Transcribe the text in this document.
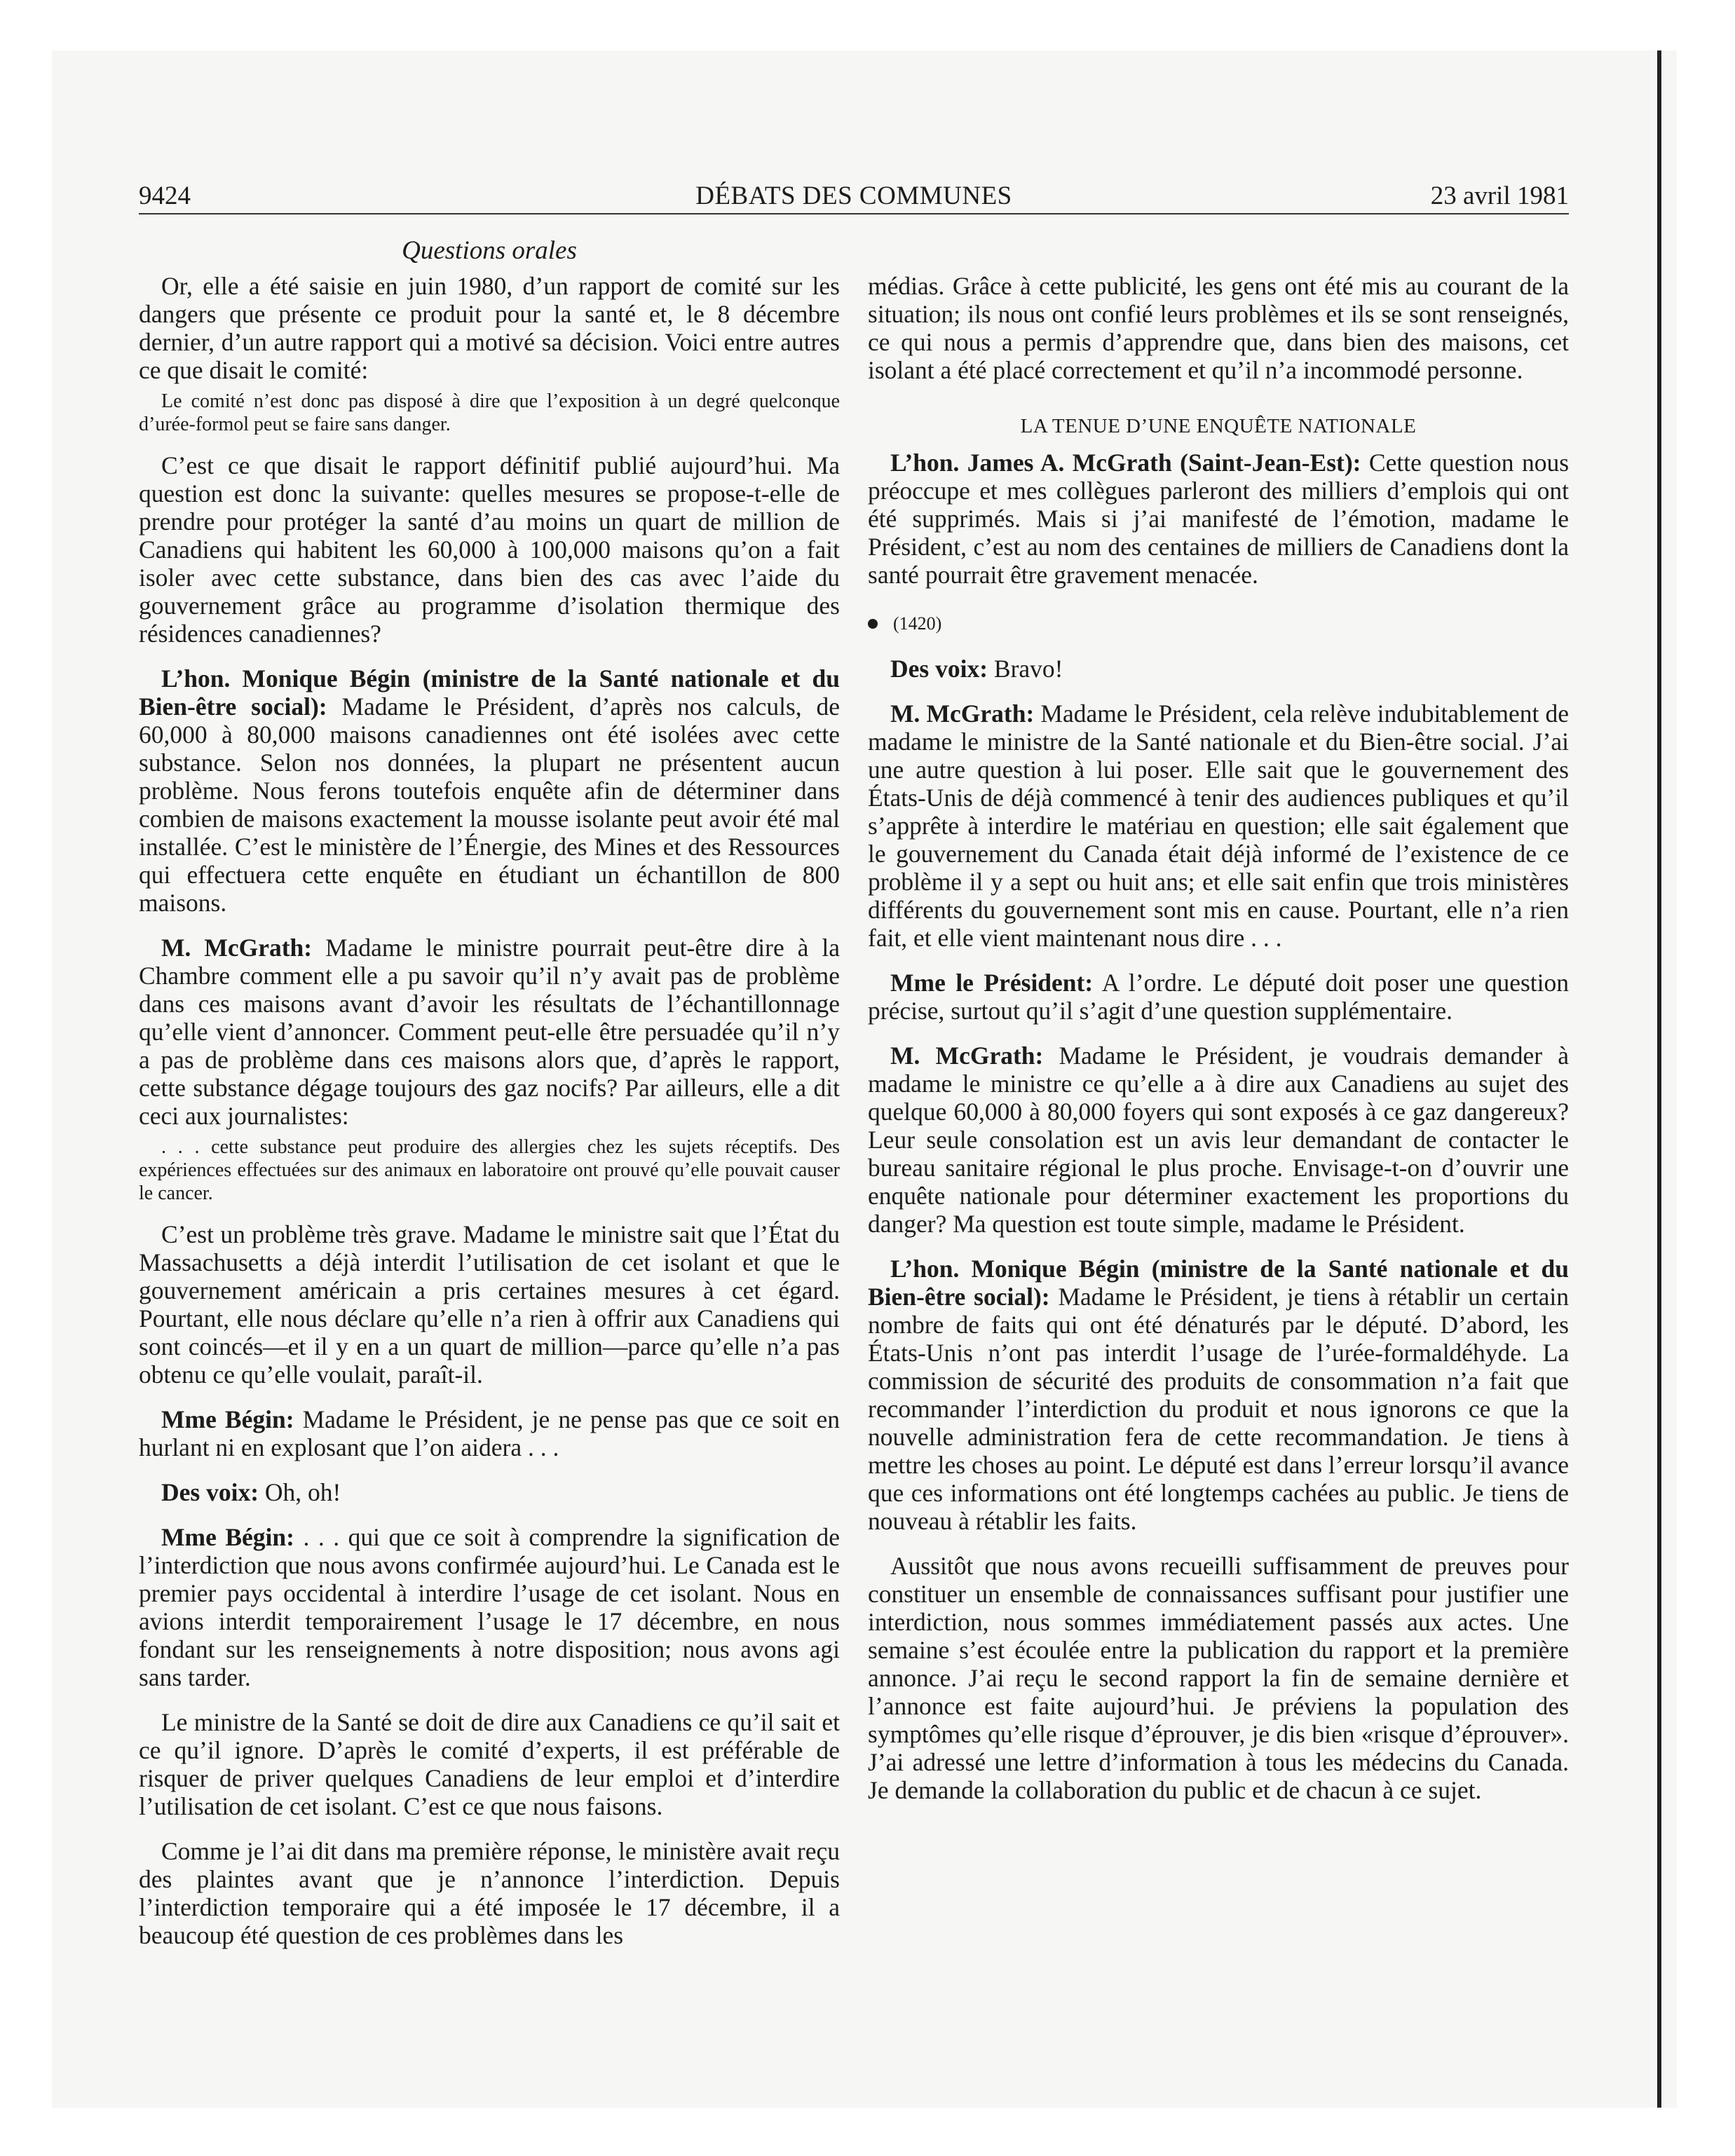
9424	DÉBATS DES COMMUNES	23 avril 1981
Questions orales

Or, elle a été saisie en juin 1980, d’un rapport de comité sur les dangers que présente ce produit pour la santé et, le 8 décembre dernier, d’un autre rapport qui a motivé sa décision. Voici entre autres ce que disait le comité:

Le comité n’est donc pas disposé à dire que l’exposition à un degré quelconque d’urée-formol peut se faire sans danger.

C’est ce que disait le rapport définitif publié aujourd’hui. Ma question est donc la suivante: quelles mesures se propose-t-elle de prendre pour protéger la santé d’au moins un quart de million de Canadiens qui habitent les 60,000 à 100,000 maisons qu’on a fait isoler avec cette substance, dans bien des cas avec l’aide du gouvernement grâce au programme d’isolation thermique des résidences canadiennes?

L’hon. Monique Bégin (ministre de la Santé nationale et du Bien-être social): Madame le Président, d’après nos calculs, de 60,000 à 80,000 maisons canadiennes ont été isolées avec cette substance. Selon nos données, la plupart ne présentent aucun problème. Nous ferons toutefois enquête afin de déterminer dans combien de maisons exactement la mousse isolante peut avoir été mal installée. C’est le ministère de l’Énergie, des Mines et des Ressources qui effectuera cette enquête en étudiant un échantillon de 800 maisons.

M. McGrath: Madame le ministre pourrait peut-être dire à la Chambre comment elle a pu savoir qu’il n’y avait pas de problème dans ces maisons avant d’avoir les résultats de l’échantillonnage qu’elle vient d’annoncer. Comment peut-elle être persuadée qu’il n’y a pas de problème dans ces maisons alors que, d’après le rapport, cette substance dégage toujours des gaz nocifs? Par ailleurs, elle a dit ceci aux journalistes:

. . . cette substance peut produire des allergies chez les sujets réceptifs. Des expériences effectuées sur des animaux en laboratoire ont prouvé qu’elle pouvait causer le cancer.

C’est un problème très grave. Madame le ministre sait que l’État du Massachusetts a déjà interdit l’utilisation de cet isolant et que le gouvernement américain a pris certaines mesures à cet égard. Pourtant, elle nous déclare qu’elle n’a rien à offrir aux Canadiens qui sont coincés—et il y en a un quart de million—parce qu’elle n’a pas obtenu ce qu’elle voulait, paraît-il.

Mme Bégin: Madame le Président, je ne pense pas que ce soit en hurlant ni en explosant que l’on aidera . . .

Des voix: Oh, oh!

Mme Bégin: . . . qui que ce soit à comprendre la signification de l’interdiction que nous avons confirmée aujourd’hui. Le Canada est le premier pays occidental à interdire l’usage de cet isolant. Nous en avions interdit temporairement l’usage le 17 décembre, en nous fondant sur les renseignements à notre disposition; nous avons agi sans tarder.

Le ministre de la Santé se doit de dire aux Canadiens ce qu’il sait et ce qu’il ignore. D’après le comité d’experts, il est préférable de risquer de priver quelques Canadiens de leur emploi et d’interdire l’utilisation de cet isolant. C’est ce que nous faisons.

Comme je l’ai dit dans ma première réponse, le ministère avait reçu des plaintes avant que je n’annonce l’interdiction. Depuis l’interdiction temporaire qui a été imposée le 17 décembre, il a beaucoup été question de ces problèmes dans les

médias. Grâce à cette publicité, les gens ont été mis au courant de la situation; ils nous ont confié leurs problèmes et ils se sont renseignés, ce qui nous a permis d’apprendre que, dans bien des maisons, cet isolant a été placé correctement et qu’il n’a incommodé personne.

LA TENUE D’UNE ENQUÊTE NATIONALE

L’hon. James A. McGrath (Saint-Jean-Est): Cette question nous préoccupe et mes collègues parleront des milliers d’emplois qui ont été supprimés. Mais si j’ai manifesté de l’émotion, madame le Président, c’est au nom des centaines de milliers de Canadiens dont la santé pourrait être gravement menacée.

(1420)

Des voix: Bravo!

M. McGrath: Madame le Président, cela relève indubitablement de madame le ministre de la Santé nationale et du Bien-être social. J’ai une autre question à lui poser. Elle sait que le gouvernement des États-Unis de déjà commencé à tenir des audiences publiques et qu’il s’apprête à interdire le matériau en question; elle sait également que le gouvernement du Canada était déjà informé de l’existence de ce problème il y a sept ou huit ans; et elle sait enfin que trois ministères différents du gouvernement sont mis en cause. Pourtant, elle n’a rien fait, et elle vient maintenant nous dire . . .

Mme le Président: A l’ordre. Le député doit poser une question précise, surtout qu’il s’agit d’une question supplémentaire.

M. McGrath: Madame le Président, je voudrais demander à madame le ministre ce qu’elle a à dire aux Canadiens au sujet des quelque 60,000 à 80,000 foyers qui sont exposés à ce gaz dangereux? Leur seule consolation est un avis leur demandant de contacter le bureau sanitaire régional le plus proche. Envisage-t-on d’ouvrir une enquête nationale pour déterminer exactement les proportions du danger? Ma question est toute simple, madame le Président.

L’hon. Monique Bégin (ministre de la Santé nationale et du Bien-être social): Madame le Président, je tiens à rétablir un certain nombre de faits qui ont été dénaturés par le député. D’abord, les États-Unis n’ont pas interdit l’usage de l’urée-formaldéhyde. La commission de sécurité des produits de consommation n’a fait que recommander l’interdiction du produit et nous ignorons ce que la nouvelle administration fera de cette recommandation. Je tiens à mettre les choses au point. Le député est dans l’erreur lorsqu’il avance que ces informations ont été longtemps cachées au public. Je tiens de nouveau à rétablir les faits.

Aussitôt que nous avons recueilli suffisamment de preuves pour constituer un ensemble de connaissances suffisant pour justifier une interdiction, nous sommes immédiatement passés aux actes. Une semaine s’est écoulée entre la publication du rapport et la première annonce. J’ai reçu le second rapport la fin de semaine dernière et l’annonce est faite aujourd’hui. Je préviens la population des symptômes qu’elle risque d’éprouver, je dis bien «risque d’éprouver». J’ai adressé une lettre d’information à tous les médecins du Canada. Je demande la collaboration du public et de chacun à ce sujet.
